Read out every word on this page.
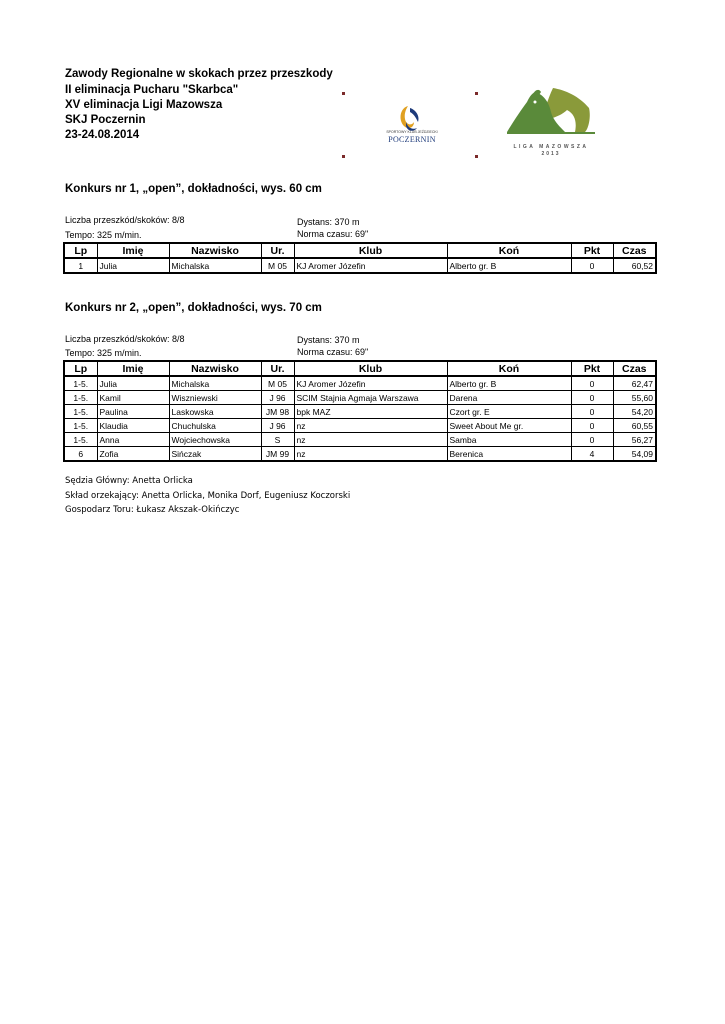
Zawody Regionalne w skokach przez przeszkody
II eliminacja Pucharu "Skarbca"
XV eliminacja Ligi Mazowsza
SKJ Poczernin
23-24.08.2014	SPORTOWY KLUB JEŹDZIECKI
POCZERNIN
LIGA MAZOWSZA
2013
Konkurs nr 1, „open”, dokładności, wys. 60 cm
Liczba przeszkód/skoków: 8/8	Dystans: 370 m
Tempo: 325 m/min.	Norma czasu: 69"
Lp	Imię	Nazwisko	Ur.	Klub	Koń	Pkt	Czas
1	Julia	Michalska	M 05	KJ Aromer Józefin	Alberto gr. B	0	60,52
Konkurs nr 2, „open”, dokładności, wys. 70 cm
Liczba przeszkód/skoków: 8/8	Dystans: 370 m
Tempo: 325 m/min.	Norma czasu: 69"
Lp	Imię	Nazwisko	Ur.	Klub	Koń	Pkt	Czas
1-5.	Julia	Michalska	M 05	KJ Aromer Józefin	Alberto gr. B	0	62,47
1-5.	Kamil	Wiszniewski	J 96	SCIM Stajnia Agmaja Warszawa	Darena	0	55,60
1-5.	Paulina	Laskowska	JM 98	bpk MAZ	Czort gr. E	0	54,20
1-5.	Klaudia	Chuchulska	J 96	nz	Sweet About Me gr.	0	60,55
1-5.	Anna	Wojciechowska	S	nz	Samba	0	56,27
6	Zofia	Sińczak	JM 99	nz	Berenica	4	54,09
Sędzia Główny: Anetta Orlicka
Skład orzekający: Anetta Orlicka, Monika Dorf, Eugeniusz Koczorski
Gospodarz Toru: Łukasz Akszak-Okińczyc
